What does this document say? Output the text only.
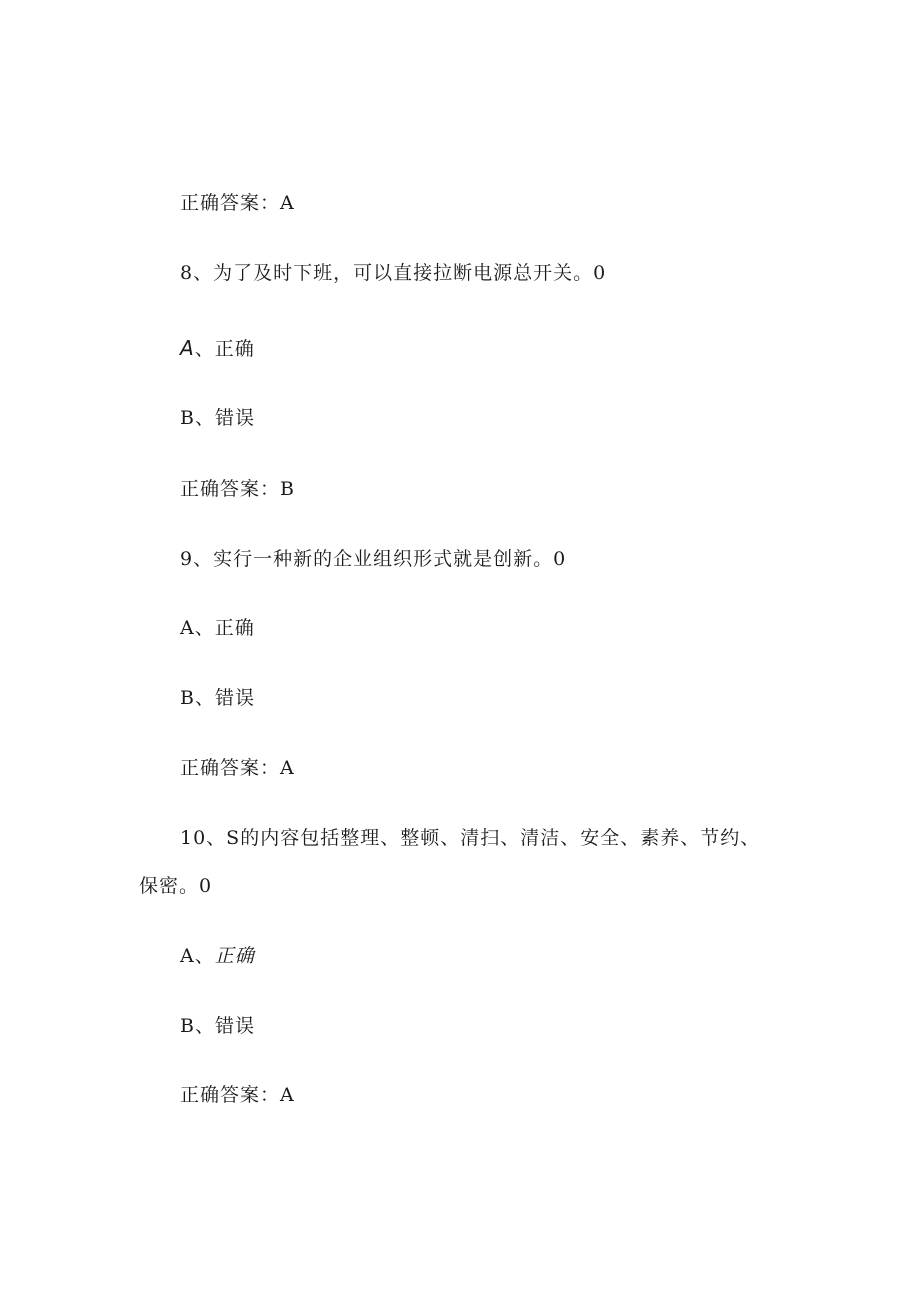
正确答案：A
8、为了及时下班，可以直接拉断电源总开关。0
A、正确
B、错误
正确答案：B
9、实行一种新的企业组织形式就是创新。0
A、正确
B、错误
正确答案：A
10、S的内容包括整理、整顿、清扫、清洁、安全、素养、节约、
保密。0
A、正确
B、错误
正确答案：A
